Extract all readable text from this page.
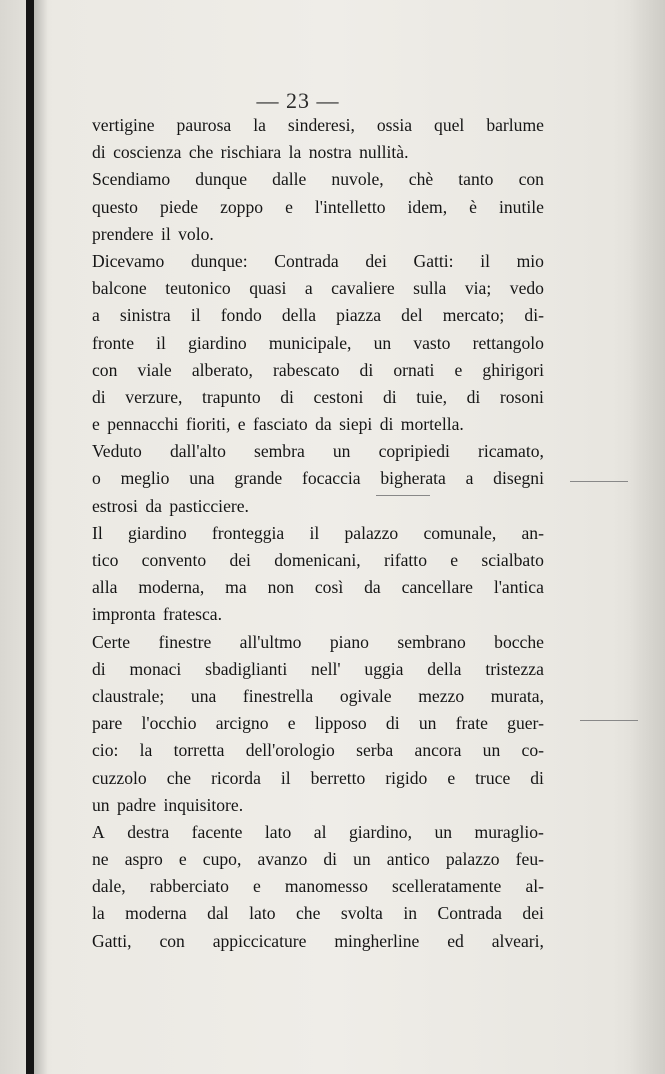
— 23 —
vertigine paurosa la sinderesi, ossia quel barlume
di coscienza che rischiara la nostra nullità.
Scendiamo dunque dalle nuvole, chè tanto con
questo piede zoppo e l'intelletto idem, è inutile
prendere il volo.
Dicevamo dunque: Contrada dei Gatti: il mio
balcone teutonico quasi a cavaliere sulla via; vedo
a sinistra il fondo della piazza del mercato; di-
fronte il giardino municipale, un vasto rettangolo
con viale alberato, rabescato di ornati e ghirigori
di verzure, trapunto di cestoni di tuie, di rosoni
e pennacchi fioriti, e fasciato da siepi di mortella.
Veduto dall'alto sembra un copripiedi ricamato,
o meglio una grande focaccia bigherata a disegni
estrosi da pasticciere.
Il giardino fronteggia il palazzo comunale, an-
tico convento dei domenicani, rifatto e scialbato
alla moderna, ma non così da cancellare l'antica
impronta fratesca.
Certe finestre all'ultmo piano sembrano bocche
di monaci sbadiglianti nell' uggia della tristezza
claustrale; una finestrella ogivale mezzo murata,
pare l'occhio arcigno e lipposo di un frate guer-
cio: la torretta dell'orologio serba ancora un co-
cuzzolo che ricorda il berretto rigido e truce di
un padre inquisitore.
A destra facente lato al giardino, un muraglio-
ne aspro e cupo, avanzo di un antico palazzo feu-
dale, rabberciato e manomesso scelleratamente al-
la moderna dal lato che svolta in Contrada dei
Gatti, con appiccicature mingherline ed alveari,
